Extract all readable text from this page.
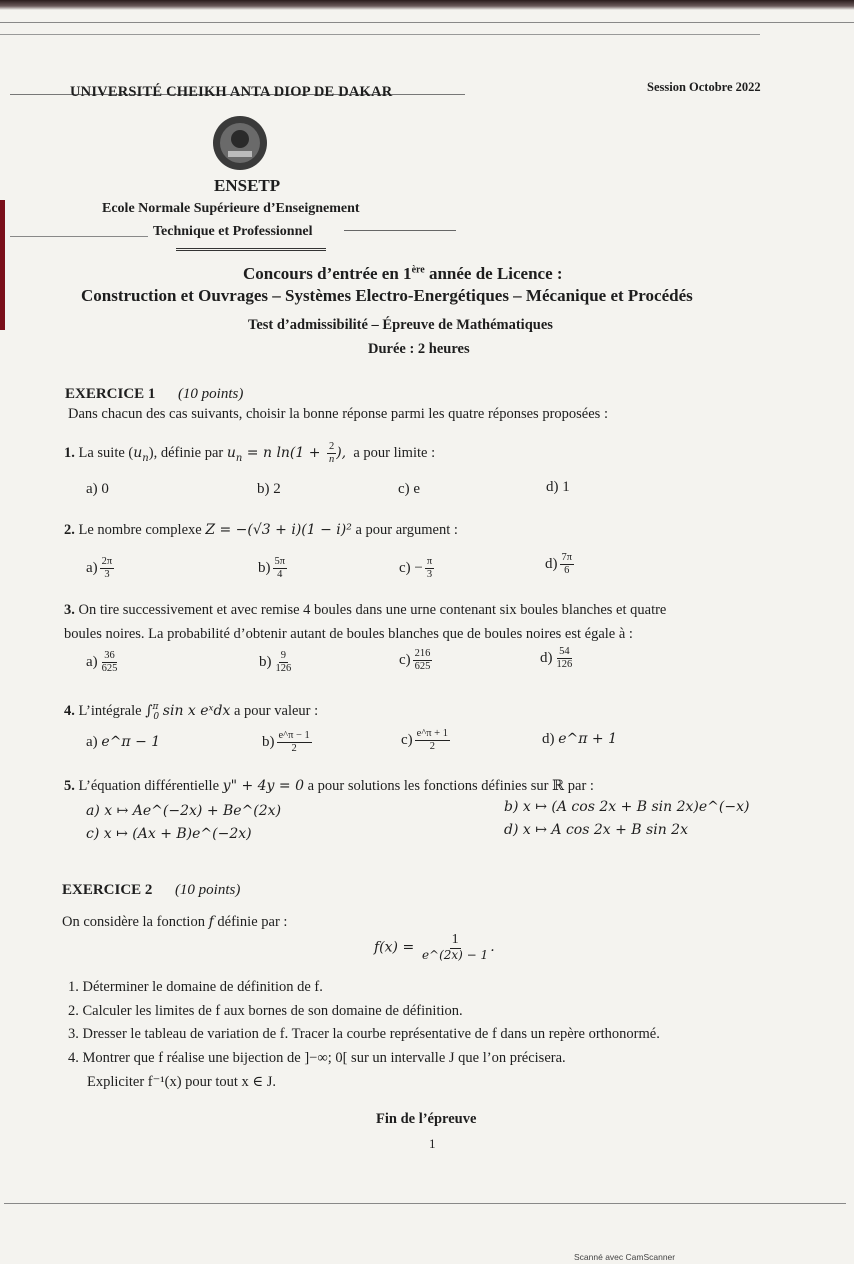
UNIVERSITÉ CHEIKH ANTA DIOP DE DAKAR	Session Octobre 2022
ENSETP
Ecole Normale Supérieure d’Enseignement
Technique et Professionnel
Concours d’entrée en 1ère année de Licence :
Construction et Ouvrages – Systèmes Electro-Energétiques – Mécanique et Procédés
Test d’admissibilité – Épreuve de Mathématiques
Durée : 2 heures
EXERCICE 1 (10 points)
Dans chacun des cas suivants, choisir la bonne réponse parmi les quatre réponses proposées :
1. La suite $(u_n)$, définie par $u_n = n$ $\ln(1 + \frac{2}{n}$ ), a pour limite :
a) 0	b) 2	c) e	d) 1
2. Le nombre complexe Z = −(√3 + i)(1 − i)² a pour argument :
$a) \frac{2\pi}{3}$	$b) \frac{5\pi}{4}$	$c) - \frac{\pi}{3}$	$d) \frac{7\pi}{6}$
3. On tire successivement et avec remise 4 boules dans une urne contenant six boules blanches et quatre
boules noires. La probabilité d’obtenir autant de boules blanches que de boules noires est égale à :
$a) \frac{36}{625}$	$b) \frac{9}{126}$	$c) \frac{216}{625}$	$d) \frac{54}{126}$
4. L’intégrale ∫$^\pi_0$ sin x eˣdx a pour valeur :
a) e^π − 1	$b) \frac{e\^{}\pi - 1}{2}$	$c) \frac{e\^{}\pi + 1}{2}$	d) e^π + 1
5. L’équation différentielle y" + 4y = 0 a pour solutions les fonctions définies sur ℝ par :
a) x ↦ Ae^(−2x) + Be^(2x)	b) x ↦ (A cos 2x + B sin 2x)e^(−x)
c) x ↦ (Ax + B)e^(−2x)	d) x ↦ A cos 2x + B sin 2x
EXERCICE 2 (10 points)
On considère la fonction f définie par :
$f(x) = \frac{1}{e\^{}(2x) - 1}$ .
1. Déterminer le domaine de définition de f.
2. Calculer les limites de f aux bornes de son domaine de définition.
3. Dresser le tableau de variation de f. Tracer la courbe représentative de f dans un repère orthonormé.
4. Montrer que f réalise une bijection de ]−∞; 0[ sur un intervalle J que l’on précisera.
Expliciter f⁻¹(x) pour tout x ∈ J.
Fin de l’épreuve
1
Scanné avec CamScanner
